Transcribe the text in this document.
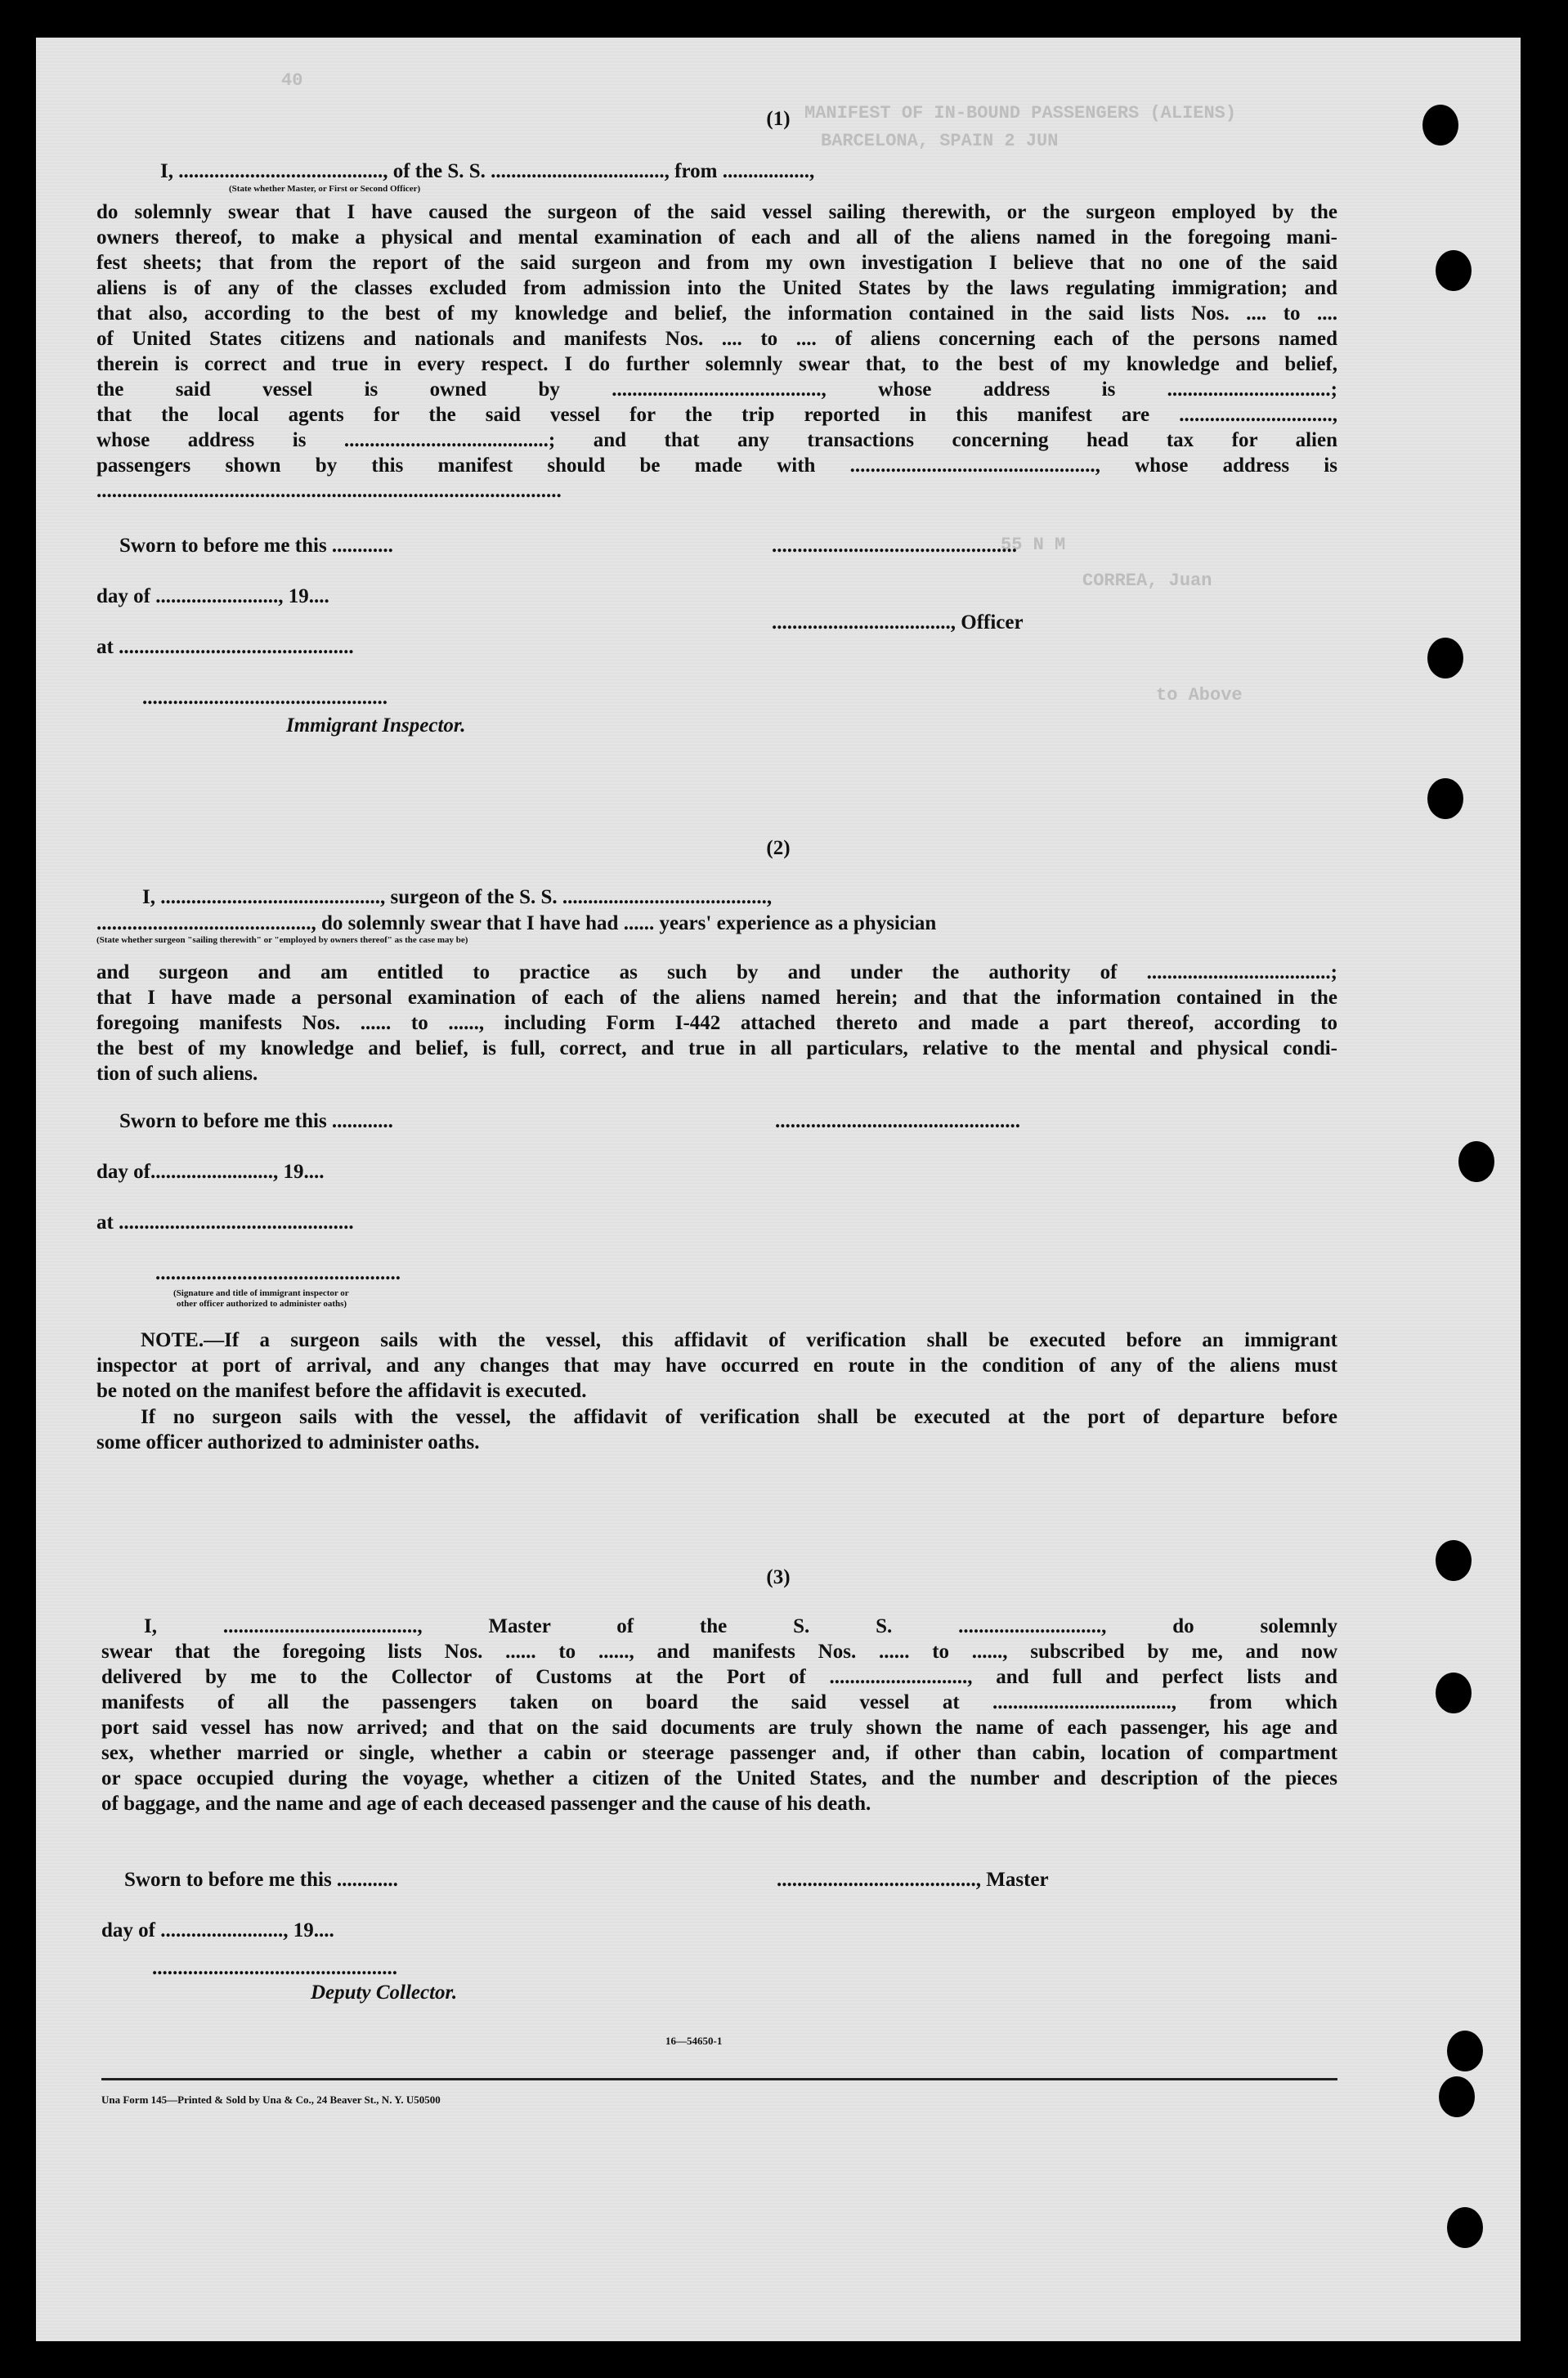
40
MANIFEST OF IN-BOUND PASSENGERS (ALIENS)
BARCELONA, SPAIN 2 JUN
55 N M
CORREA, Juan
to Above
(1)
I, ........................................, of the S. S. .................................., from .................,
(State whether Master, or First or Second Officer)
do solemnly swear that I have caused the surgeon of the said vessel sailing therewith, or the surgeon employed by the
owners thereof, to make a physical and mental examination of each and all of the aliens named in the foregoing mani-
fest sheets; that from the report of the said surgeon and from my own investigation I believe that no one of the said
aliens is of any of the classes excluded from admission into the United States by the laws regulating immigration; and
that also, according to the best of my knowledge and belief, the information contained in the said lists Nos. .... to ....
of United States citizens and nationals and manifests Nos. .... to .... of aliens concerning each of the persons named
therein is correct and true in every respect. I do further solemnly swear that, to the best of my knowledge and belief,
the said vessel is owned by ........................................., whose address is ................................;
that the local agents for the said vessel for the trip reported in this manifest are ..............................,
whose address is ........................................; and that any transactions concerning head tax for alien
passengers shown by this manifest should be made with ................................................, whose address is
...........................................................................................
Sworn to before me this ............	................................................
day of ........................, 19....
..................................., Officer
at ..............................................
................................................
Immigrant Inspector.
(2)
I, ..........................................., surgeon of the S. S. ........................................,
.........................................., do solemnly swear that I have had ...... years' experience as a physician
(State whether surgeon "sailing therewith" or "employed by owners thereof" as the case may be)
and surgeon and am entitled to practice as such by and under the authority of ....................................;
that I have made a personal examination of each of the aliens named herein; and that the information contained in the
foregoing manifests Nos. ...... to ......, including Form I-442 attached thereto and made a part thereof, according to
the best of my knowledge and belief, is full, correct, and true in all particulars, relative to the mental and physical condi-
tion of such aliens.
Sworn to before me this ............	................................................
day of........................, 19....
at ..............................................
................................................
(Signature and title of immigrant inspector or
other officer authorized to administer oaths)
NOTE.—If a surgeon sails with the vessel, this affidavit of verification shall be executed before an immigrant
inspector at port of arrival, and any changes that may have occurred en route in the condition of any of the aliens must
be noted on the manifest before the affidavit is executed.
If no surgeon sails with the vessel, the affidavit of verification shall be executed at the port of departure before
some officer authorized to administer oaths.
(3)
I, ......................................, Master of the S. S. ............................, do solemnly
swear that the foregoing lists Nos. ...... to ......, and manifests Nos. ...... to ......, subscribed by me, and now
delivered by me to the Collector of Customs at the Port of ..........................., and full and perfect lists and
manifests of all the passengers taken on board the said vessel at ..................................., from which
port said vessel has now arrived; and that on the said documents are truly shown the name of each passenger, his age and
sex, whether married or single, whether a cabin or steerage passenger and, if other than cabin, location of compartment
or space occupied during the voyage, whether a citizen of the United States, and the number and description of the pieces
of baggage, and the name and age of each deceased passenger and the cause of his death.
Sworn to before me this ............	......................................., Master
day of ........................, 19....
................................................
Deputy Collector.
16—54650-1
Una Form 145—Printed & Sold by Una & Co., 24 Beaver St., N. Y. U50500
